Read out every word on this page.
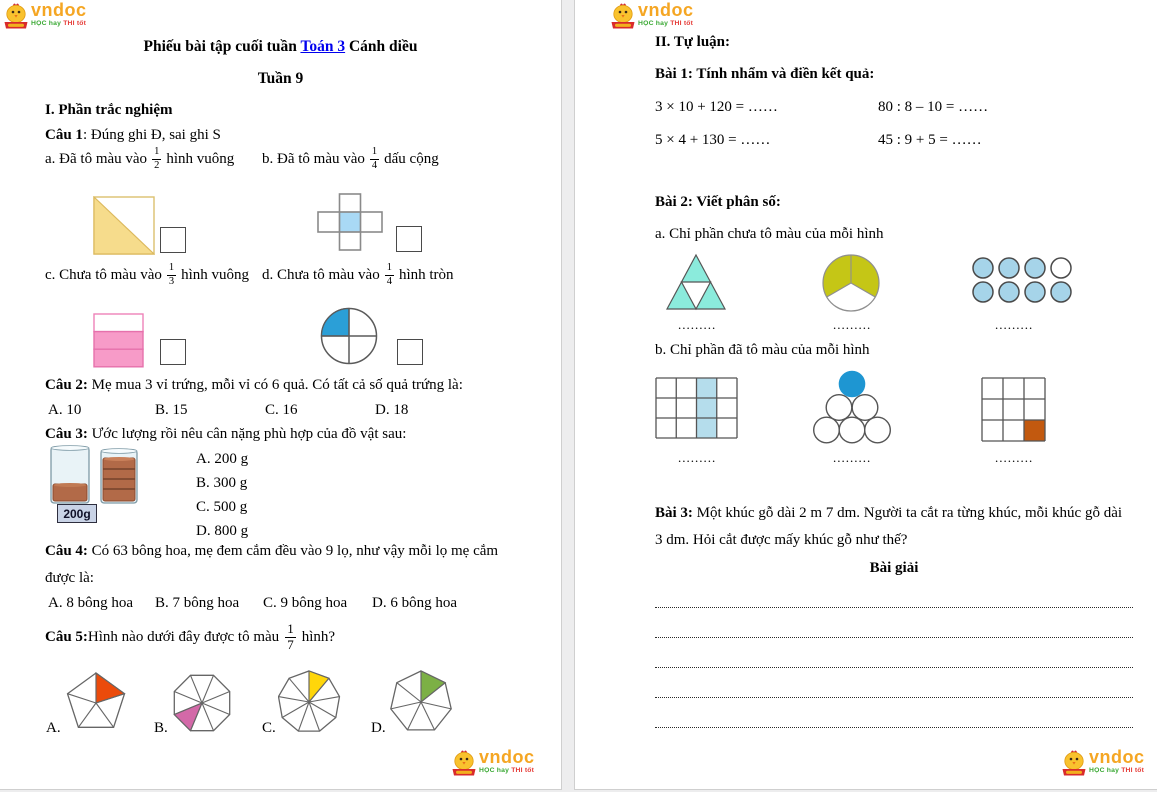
vndoc
HỌC hay THI tốt
Phiếu bài tập cuối tuần Toán 3 Cánh diều
Tuần 9
I. Phần trắc nghiệm
Câu 1: Đúng ghi Đ, sai ghi S
a. Đã tô màu vào $\frac{1}{2}$ hình vuông b. Đã tô màu vào $\frac{1}{4}$ dấu cộng
c. Chưa tô màu vào $\frac{1}{3}$ hình vuông d. Chưa tô màu vào $\frac{1}{4}$ hình tròn
Câu 2: Mẹ mua 3 vỉ trứng, mỗi vỉ có 6 quả. Có tất cả số quả trứng là:
A. 10	B. 15	C. 16	D. 18
Câu 3: Ước lượng rồi nêu cân nặng phù hợp của đồ vật sau:
200g
A. 200 g
B. 300 g
C. 500 g
D. 800 g
Câu 4: Có 63 bông hoa, mẹ đem cắm đều vào 9 lọ, như vậy mỗi lọ mẹ cắm
được là:
A. 8 bông hoa B. 7 bông hoa C. 9 bông hoa D. 6 bông hoa
Câu 5: Hình nào dưới đây được tô màu $\frac{1}{7}$ hình?
A.	B.	C.	D.
vndoc
HỌC hay THI tốt
vndoc
HỌC hay THI tốt
II. Tự luận:
Bài 1: Tính nhẩm và điền kết quả:
3 × 10 + 120 = ……	80 : 8 – 10 = ……
5 × 4 + 130 = ……	45 : 9 + 5 = ……
Bài 2: Viết phân số:
a. Chỉ phần chưa tô màu của mỗi hình
.........	.........	.........
b. Chỉ phần đã tô màu của mỗi hình
.........	.........	.........
Bài 3: Một khúc gỗ dài 2 m 7 dm. Người ta cắt ra từng khúc, mỗi khúc gỗ dài
3 dm. Hỏi cắt được mấy khúc gỗ như thế?
Bài giải
vndoc
HỌC hay THI tốt
